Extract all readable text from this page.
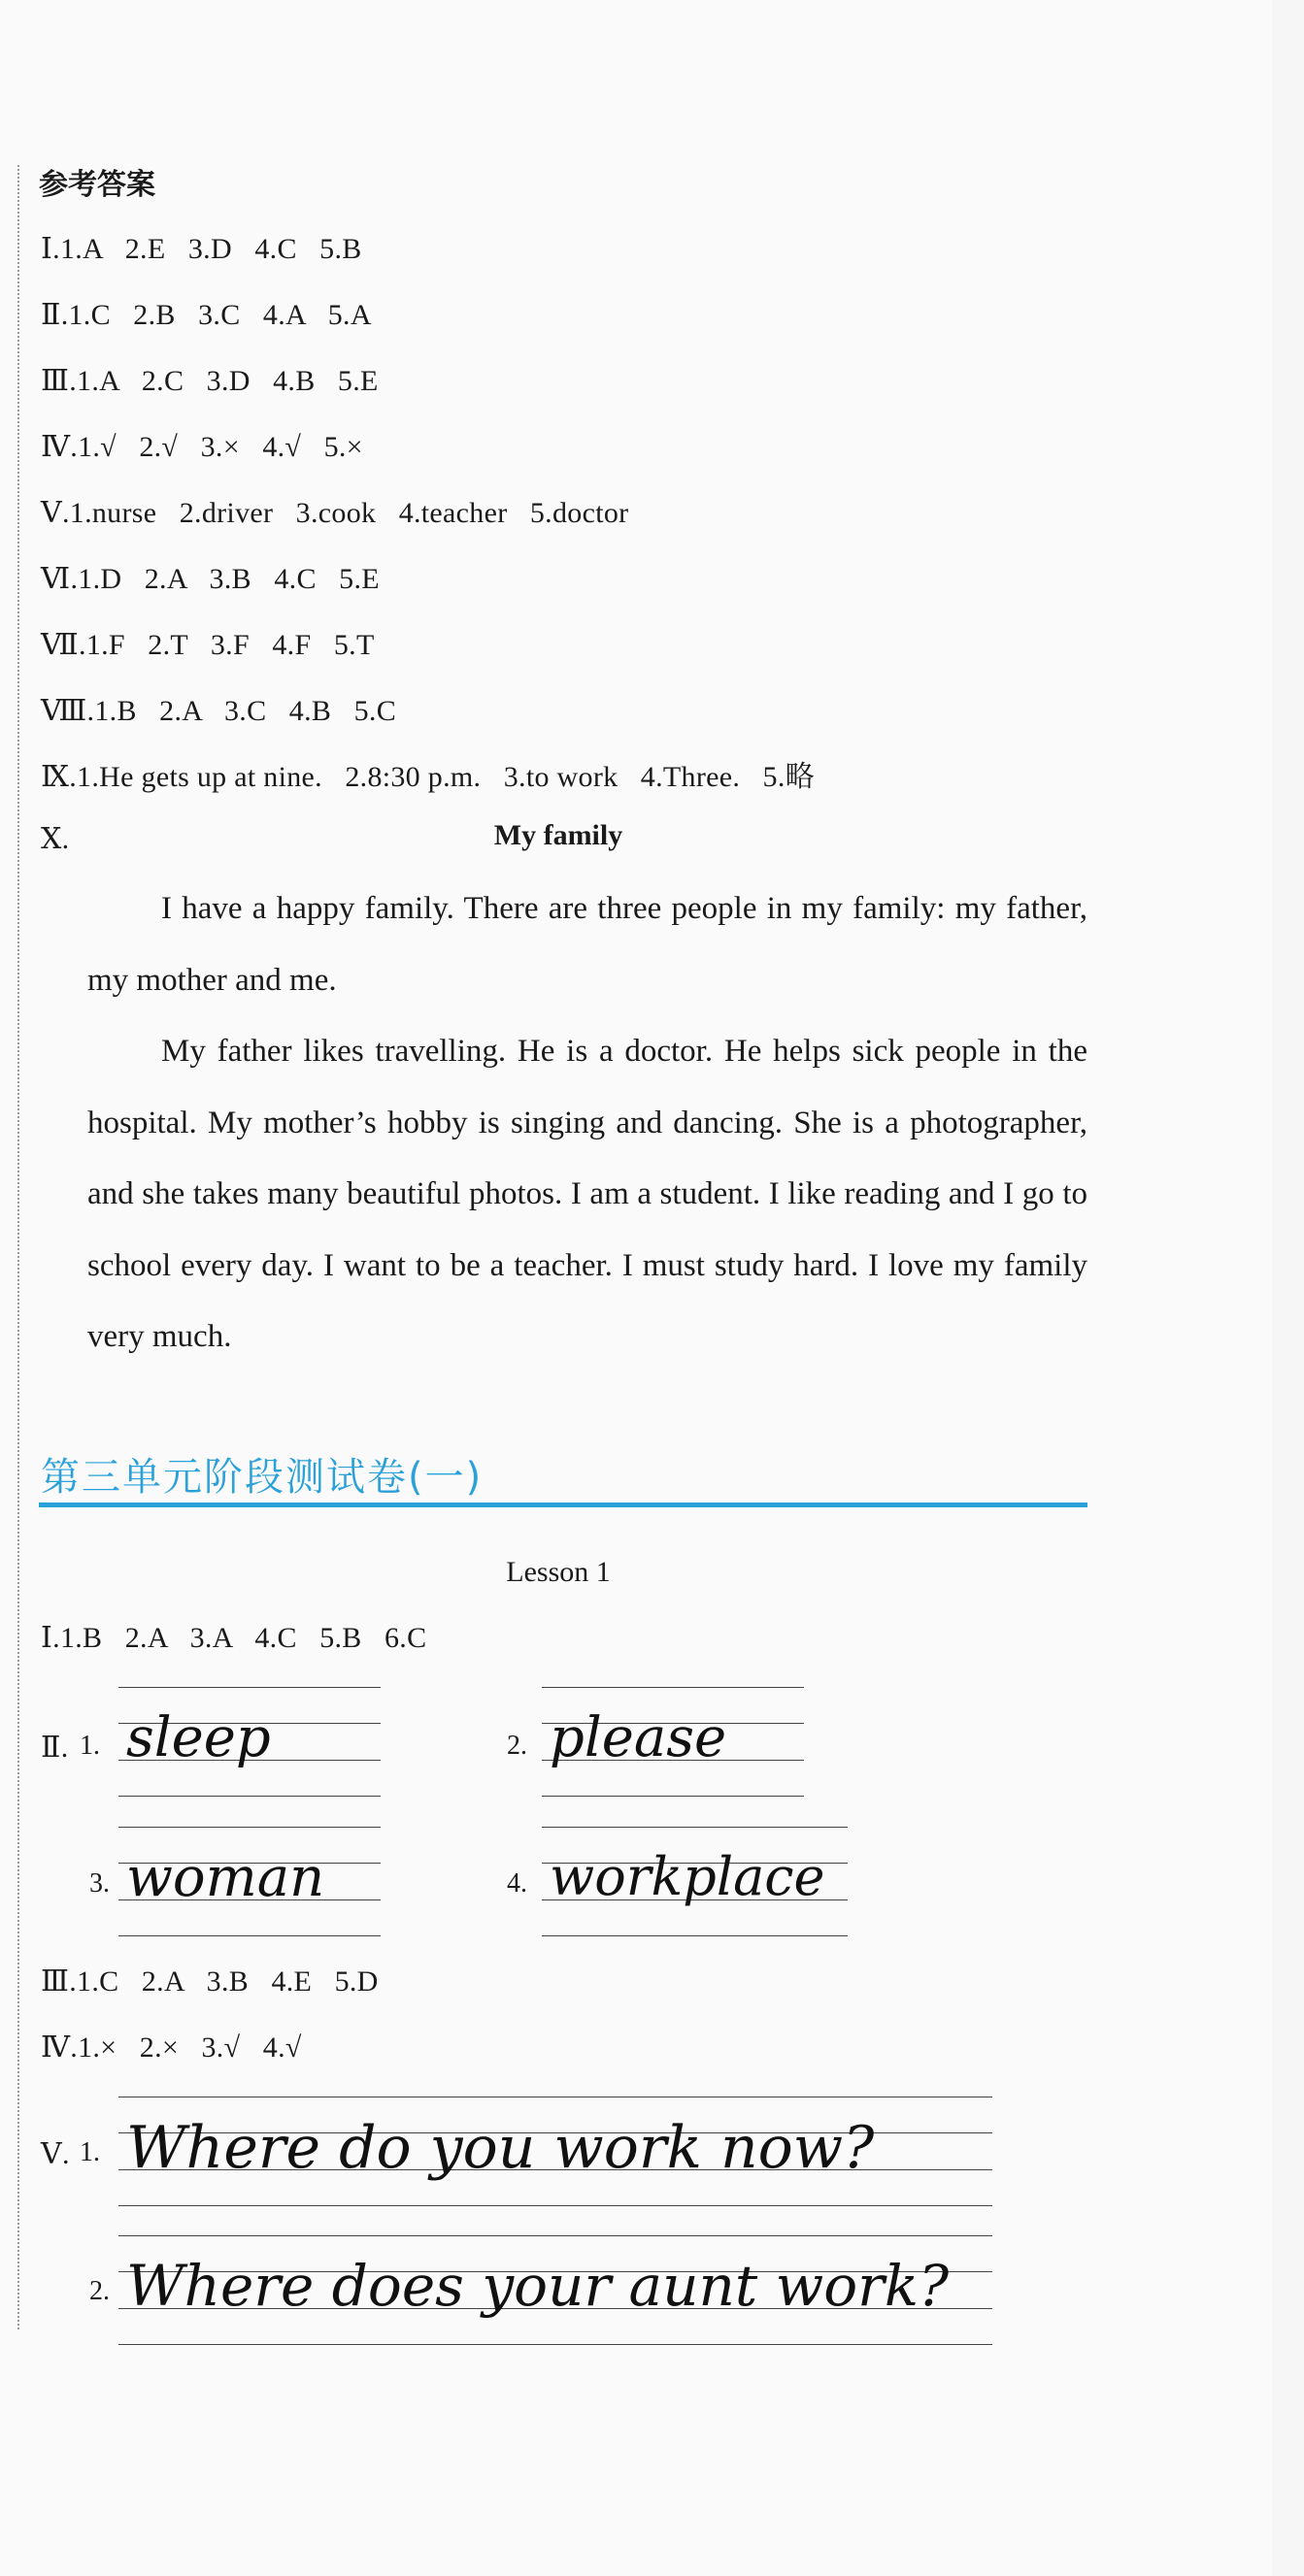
参考答案
Ⅰ.1.A   2.E   3.D   4.C   5.B
Ⅱ.1.C   2.B   3.C   4.A   5.A
Ⅲ.1.A   2.C   3.D   4.B   5.E
Ⅳ.1.√   2.√   3.×   4.√   5.×
Ⅴ.1.nurse   2.driver   3.cook   4.teacher   5.doctor
Ⅵ.1.D   2.A   3.B   4.C   5.E
Ⅶ.1.F   2.T   3.F   4.F   5.T
Ⅷ.1.B   2.A   3.C   4.B   5.C
Ⅸ.1.He gets up at nine.   2.8:30 p.m.   3.to work   4.Three.   5.略
Ⅹ.	My family

I have a happy family. There are three people in my family: my father, my mother and me.

My father likes travelling. He is a doctor. He helps sick people in the hospital. My mother’s hobby is singing and dancing. She is a photographer, and she takes many beautiful photos. I am a student. I like reading and I go to school every day. I want to be a teacher. I must study hard. I love my family very much.

第三单元阶段测试卷(一)
Lesson 1
Ⅰ.1.B   2.A   3.A   4.C   5.B   6.C
Ⅱ. 1. sleep	2. please
3. woman	4. workplace
Ⅲ.1.C   2.A   3.B   4.E   5.D
Ⅳ.1.×   2.×   3.√   4.√
Ⅴ. 1. Where do you work now?
2. Where does your aunt work?
